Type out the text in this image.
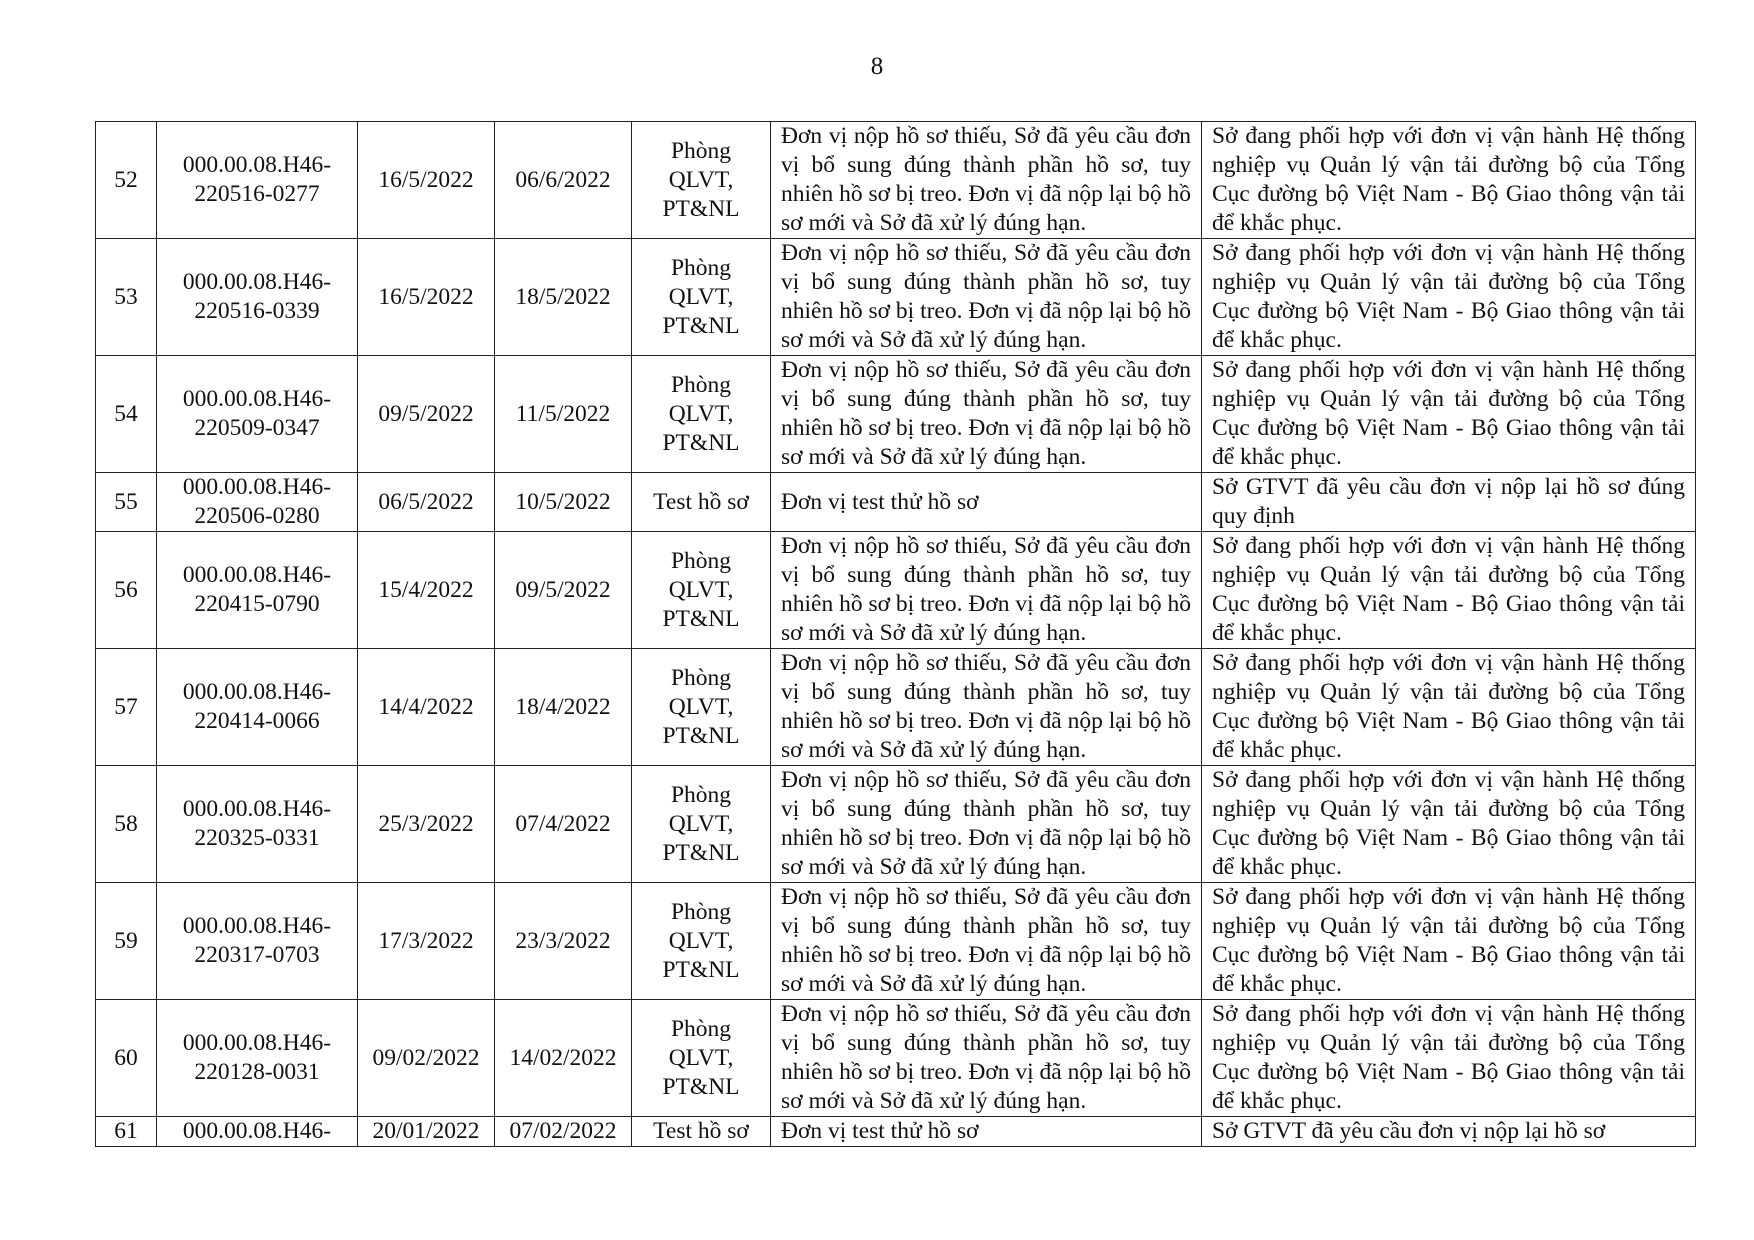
8
52	000.00.08.H46-
220516-0277	16/5/2022	06/6/2022	Phòng
QLVT,
PT&NL	Đơn vị nộp hồ sơ thiếu, Sở đã yêu cầu đơn vị bổ sung đúng thành phần hồ sơ, tuy nhiên hồ sơ bị treo. Đơn vị đã nộp lại bộ hồ sơ mới và Sở đã xử lý đúng hạn.	Sở đang phối hợp với đơn vị vận hành Hệ thống nghiệp vụ Quản lý vận tải đường bộ của Tổng Cục đường bộ Việt Nam - Bộ Giao thông vận tải để khắc phục.
53	000.00.08.H46-
220516-0339	16/5/2022	18/5/2022	Phòng
QLVT,
PT&NL	Đơn vị nộp hồ sơ thiếu, Sở đã yêu cầu đơn vị bổ sung đúng thành phần hồ sơ, tuy nhiên hồ sơ bị treo. Đơn vị đã nộp lại bộ hồ sơ mới và Sở đã xử lý đúng hạn.	Sở đang phối hợp với đơn vị vận hành Hệ thống nghiệp vụ Quản lý vận tải đường bộ của Tổng Cục đường bộ Việt Nam - Bộ Giao thông vận tải để khắc phục.
54	000.00.08.H46-
220509-0347	09/5/2022	11/5/2022	Phòng
QLVT,
PT&NL	Đơn vị nộp hồ sơ thiếu, Sở đã yêu cầu đơn vị bổ sung đúng thành phần hồ sơ, tuy nhiên hồ sơ bị treo. Đơn vị đã nộp lại bộ hồ sơ mới và Sở đã xử lý đúng hạn.	Sở đang phối hợp với đơn vị vận hành Hệ thống nghiệp vụ Quản lý vận tải đường bộ của Tổng Cục đường bộ Việt Nam - Bộ Giao thông vận tải để khắc phục.
55	000.00.08.H46-
220506-0280	06/5/2022	10/5/2022	Test hồ sơ	Đơn vị test thử hồ sơ	Sở GTVT đã yêu cầu đơn vị nộp lại hồ sơ đúng quy định
56	000.00.08.H46-
220415-0790	15/4/2022	09/5/2022	Phòng
QLVT,
PT&NL	Đơn vị nộp hồ sơ thiếu, Sở đã yêu cầu đơn vị bổ sung đúng thành phần hồ sơ, tuy nhiên hồ sơ bị treo. Đơn vị đã nộp lại bộ hồ sơ mới và Sở đã xử lý đúng hạn.	Sở đang phối hợp với đơn vị vận hành Hệ thống nghiệp vụ Quản lý vận tải đường bộ của Tổng Cục đường bộ Việt Nam - Bộ Giao thông vận tải để khắc phục.
57	000.00.08.H46-
220414-0066	14/4/2022	18/4/2022	Phòng
QLVT,
PT&NL	Đơn vị nộp hồ sơ thiếu, Sở đã yêu cầu đơn vị bổ sung đúng thành phần hồ sơ, tuy nhiên hồ sơ bị treo. Đơn vị đã nộp lại bộ hồ sơ mới và Sở đã xử lý đúng hạn.	Sở đang phối hợp với đơn vị vận hành Hệ thống nghiệp vụ Quản lý vận tải đường bộ của Tổng Cục đường bộ Việt Nam - Bộ Giao thông vận tải để khắc phục.
58	000.00.08.H46-
220325-0331	25/3/2022	07/4/2022	Phòng
QLVT,
PT&NL	Đơn vị nộp hồ sơ thiếu, Sở đã yêu cầu đơn vị bổ sung đúng thành phần hồ sơ, tuy nhiên hồ sơ bị treo. Đơn vị đã nộp lại bộ hồ sơ mới và Sở đã xử lý đúng hạn.	Sở đang phối hợp với đơn vị vận hành Hệ thống nghiệp vụ Quản lý vận tải đường bộ của Tổng Cục đường bộ Việt Nam - Bộ Giao thông vận tải để khắc phục.
59	000.00.08.H46-
220317-0703	17/3/2022	23/3/2022	Phòng
QLVT,
PT&NL	Đơn vị nộp hồ sơ thiếu, Sở đã yêu cầu đơn vị bổ sung đúng thành phần hồ sơ, tuy nhiên hồ sơ bị treo. Đơn vị đã nộp lại bộ hồ sơ mới và Sở đã xử lý đúng hạn.	Sở đang phối hợp với đơn vị vận hành Hệ thống nghiệp vụ Quản lý vận tải đường bộ của Tổng Cục đường bộ Việt Nam - Bộ Giao thông vận tải để khắc phục.
60	000.00.08.H46-
220128-0031	09/02/2022	14/02/2022	Phòng
QLVT,
PT&NL	Đơn vị nộp hồ sơ thiếu, Sở đã yêu cầu đơn vị bổ sung đúng thành phần hồ sơ, tuy nhiên hồ sơ bị treo. Đơn vị đã nộp lại bộ hồ sơ mới và Sở đã xử lý đúng hạn.	Sở đang phối hợp với đơn vị vận hành Hệ thống nghiệp vụ Quản lý vận tải đường bộ của Tổng Cục đường bộ Việt Nam - Bộ Giao thông vận tải để khắc phục.
61	000.00.08.H46-	20/01/2022	07/02/2022	Test hồ sơ	Đơn vị test thử hồ sơ	Sở GTVT đã yêu cầu đơn vị nộp lại hồ sơ
